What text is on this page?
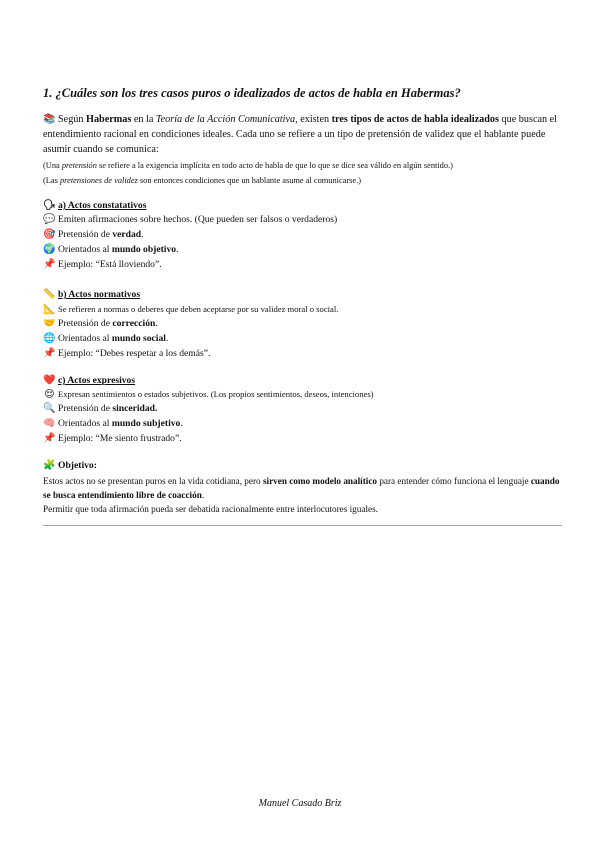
1. ¿Cuáles son los tres casos puros o idealizados de actos de habla en Habermas?
📚 Según Habermas en la Teoría de la Acción Comunicativa, existen tres tipos de actos de habla idealizados que buscan el entendimiento racional en condiciones ideales. Cada uno se refiere a un tipo de pretensión de validez que el hablante puede asumir cuando se comunica:
(Una pretensión se refiere a la exigencia implícita en todo acto de habla de que lo que se dice sea válido en algún sentido.)
(Las pretensiones de validez son entonces condiciones que un hablante asume al comunicarse.)
🗣 a) Actos constatativos
💬 Emiten afirmaciones sobre hechos. (Que pueden ser falsos o verdaderos)
🎯 Pretensión de verdad.
🌍 Orientados al mundo objetivo.
📌 Ejemplo: “Está lloviendo”.
📏 b) Actos normativos
📐 Se refieren a normas o deberes que deben aceptarse por su validez moral o social.
🤝 Pretensión de corrección.
🌐 Orientados al mundo social.
📌 Ejemplo: “Debes respetar a los demás”.
❤️ c) Actos expresivos
😌 Expresan sentimientos o estados subjetivos. (Los propios sentimientos, deseos, intenciones)
🔍 Pretensión de sinceridad.
🧠 Orientados al mundo subjetivo.
📌 Ejemplo: “Me siento frustrado”.
🧩 Objetivo:
Estos actos no se presentan puros en la vida cotidiana, pero sirven como modelo analítico para entender cómo funciona el lenguaje cuando se busca entendimiento libre de coacción.
Permitir que toda afirmación pueda ser debatida racionalmente entre interlocutores iguales.
Manuel Casado Briz
